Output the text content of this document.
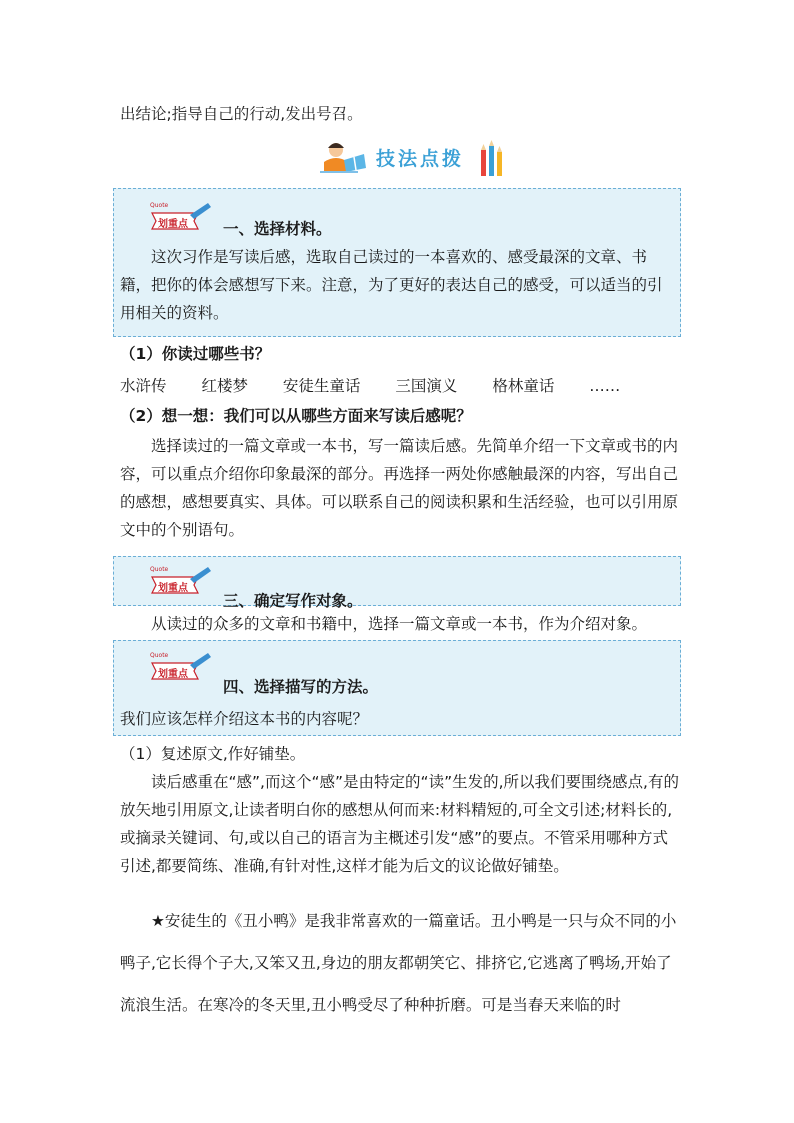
出结论;指导自己的行动,发出号召。

技法点拨
Quote
划重点 一、选择材料。

这次习作是写读后感，选取自己读过的一本喜欢的、感受最深的文章、书籍，把你的体会感想写下来。注意，为了更好的表达自己的感受，可以适当的引用相关的资料。

（1）你读过哪些书？

水浒传 红楼梦 安徒生童话 三国演义 格林童话 ……

（2）想一想：我们可以从哪些方面来写读后感呢？

选择读过的一篇文章或一本书，写一篇读后感。先简单介绍一下文章或书的内容，可以重点介绍你印象最深的部分。再选择一两处你感触最深的内容，写出自己的感想，感想要真实、具体。可以联系自己的阅读积累和生活经验，也可以引用原文中的个别语句。

Quote
划重点
三、确定写作对象。

从读过的众多的文章和书籍中，选择一篇文章或一本书，作为介绍对象。

Quote
划重点
四、选择描写的方法。

我们应该怎样介绍这本书的内容呢？

（1）复述原文,作好铺垫。

读后感重在“感”,而这个“感”是由特定的“读”生发的,所以我们要围绕感点,有的放矢地引用原文,让读者明白你的感想从何而来:材料精短的,可全文引述;材料长的,或摘录关键词、句,或以自己的语言为主概述引发“感”的要点。不管采用哪种方式引述,都要简练、准确,有针对性,这样才能为后文的议论做好铺垫。

★安徒生的《丑小鸭》是我非常喜欢的一篇童话。丑小鸭是一只与众不同的小鸭子,它长得个子大,又笨又丑,身边的朋友都朝笑它、排挤它,它逃离了鸭场,开始了流浪生活。在寒冷的冬天里,丑小鸭受尽了种种折磨。可是当春天来临的时
